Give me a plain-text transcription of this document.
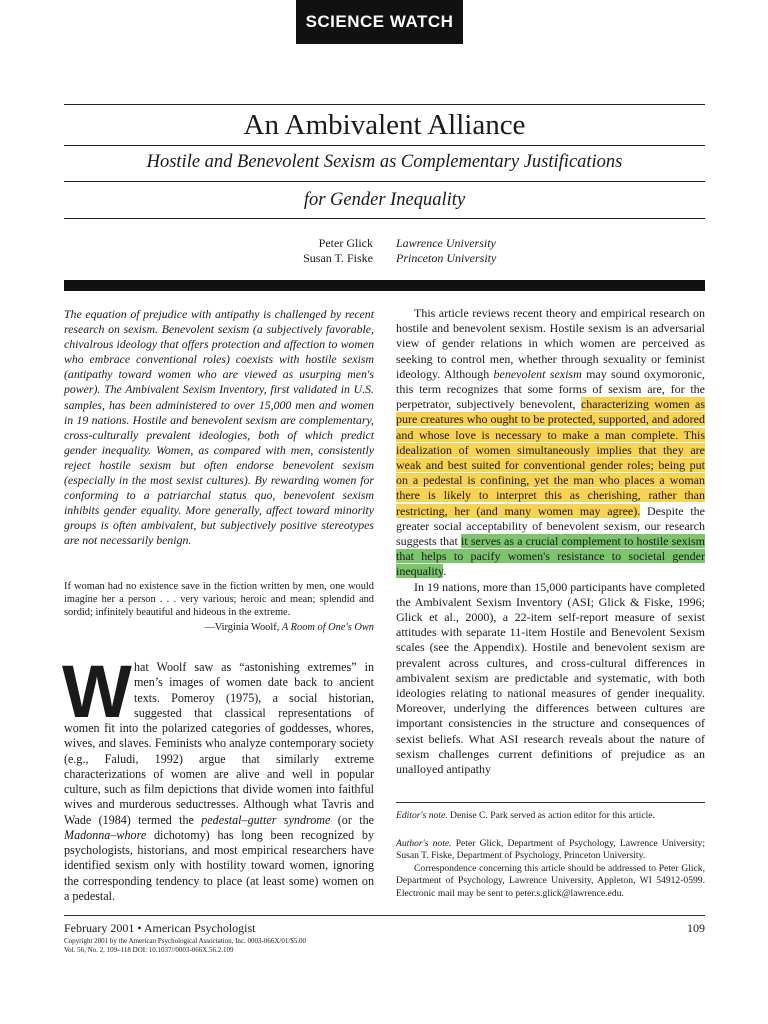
SCIENCE WATCH
An Ambivalent Alliance
Hostile and Benevolent Sexism as Complementary Justifications
for Gender Inequality
Peter Glick
Susan T. Fiske
Lawrence University
Princeton University

The equation of prejudice with antipathy is challenged by recent research on sexism. Benevolent sexism (a subjectively favorable, chivalrous ideology that offers protection and affection to women who embrace conventional roles) coexists with hostile sexism (antipathy toward women who are viewed as usurping men's power). The Ambivalent Sexism Inventory, first validated in U.S. samples, has been administered to over 15,000 men and women in 19 nations. Hostile and benevolent sexism are complementary, cross-culturally prevalent ideologies, both of which predict gender inequality. Women, as compared with men, consistently reject hostile sexism but often endorse benevolent sexism (especially in the most sexist cultures). By rewarding women for conforming to a patriarchal status quo, benevolent sexism inhibits gender equality. More generally, affect toward minority groups is often ambivalent, but subjectively positive stereotypes are not necessarily benign.

If woman had no existence save in the fiction written by men, one would imagine her a person . . . very various; heroic and mean; splendid and sordid; infinitely beautiful and hideous in the extreme.

—Virginia Woolf, A Room of One's Own

What Woolf saw as “astonishing extremes” in men’s images of women date back to ancient texts. Pomeroy (1975), a social historian, suggested that classical representations of women fit into the polarized categories of goddesses, whores, wives, and slaves. Feminists who analyze contemporary society (e.g., Faludi, 1992) argue that similarly extreme characterizations of women are alive and well in popular culture, such as film depictions that divide women into faithful wives and murderous seductresses. Although what Tavris and Wade (1984) termed the pedestal–gutter syndrome (or the Madonna–whore dichotomy) has long been recognized by psychologists, historians, and most empirical researchers have identified sexism only with hostility toward women, ignoring the corresponding tendency to place (at least some) women on a pedestal.

This article reviews recent theory and empirical research on hostile and benevolent sexism. Hostile sexism is an adversarial view of gender relations in which women are perceived as seeking to control men, whether through sexuality or feminist ideology. Although benevolent sexism may sound oxymoronic, this term recognizes that some forms of sexism are, for the perpetrator, subjectively benevolent, characterizing women as pure creatures who ought to be protected, supported, and adored and whose love is necessary to make a man complete. This idealization of women simultaneously implies that they are weak and best suited for conventional gender roles; being put on a pedestal is confining, yet the man who places a woman there is likely to interpret this as cherishing, rather than restricting, her (and many women may agree). Despite the greater social acceptability of benevolent sexism, our research suggests that it serves as a crucial complement to hostile sexism that helps to pacify women's resistance to societal gender inequality.

In 19 nations, more than 15,000 participants have completed the Ambivalent Sexism Inventory (ASI; Glick & Fiske, 1996; Glick et al., 2000), a 22-item self-report measure of sexist attitudes with separate 11-item Hostile and Benevolent Sexism scales (see the Appendix). Hostile and benevolent sexism are prevalent across cultures, and cross-cultural differences in ambivalent sexism are predictable and systematic, with both ideologies relating to national measures of gender inequality. Moreover, underlying the differences between cultures are important consistencies in the structure and consequences of sexist beliefs. What ASI research reveals about the nature of sexism challenges current definitions of prejudice as an unalloyed antipathy

Editor's note. Denise C. Park served as action editor for this article.

Author's note. Peter Glick, Department of Psychology, Lawrence University; Susan T. Fiske, Department of Psychology, Princeton University.

Correspondence concerning this article should be addressed to Peter Glick, Department of Psychology, Lawrence University, Appleton, WI 54912-0599. Electronic mail may be sent to peter.s.glick@lawrence.edu.

February 2001 • American Psychologist
Copyright 2001 by the American Psychological Association, Inc. 0003-066X/01/$5.00
Vol. 56, No. 2, 109–118 DOI: 10.1037//0003-066X.56.2.109
109
